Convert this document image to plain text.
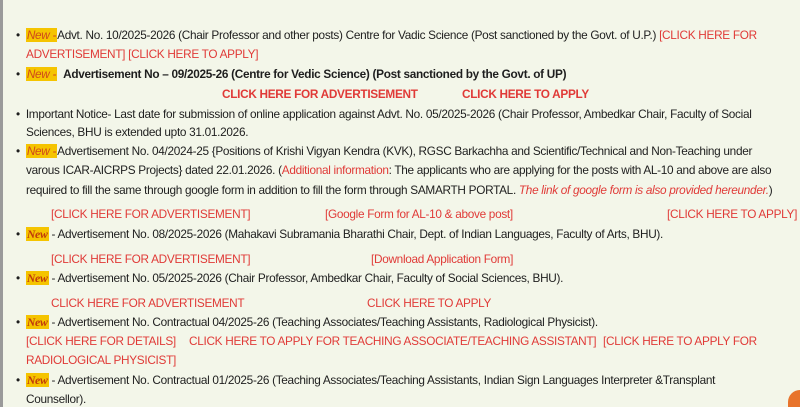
• New -Advt. No. 10/2025-2026 (Chair Professor and other posts) Centre for Vadic Science (Post sanctioned by the Govt. of U.P.) [CLICK HERE FOR
ADVERTISEMENT] [CLICK HERE TO APPLY]
• New - Advertisement No – 09/2025-26 (Centre for Vedic Science) (Post sanctioned by the Govt. of UP)
CLICK HERE FOR ADVERTISEMENT	CLICK HERE TO APPLY
• Important Notice- Last date for submission of online application against Advt. No. 05/2025-2026 (Chair Professor, Ambedkar Chair, Faculty of Social
Sciences, BHU is extended upto 31.01.2026.
• New -Advertisement No. 04/2024-25 {Positions of Krishi Vigyan Kendra (KVK), RGSC Barkachha and Scientific/Technical and Non-Teaching under
varous ICAR-AICRPS Projects} dated 22.01.2026. (Additional information: The applicants who are applying for the posts with AL-10 and above are also
required to fill the same through google form in addition to fill the form through SAMARTH PORTAL. The link of google form is also provided hereunder.)
[CLICK HERE FOR ADVERTISEMENT]	[Google Form for AL-10 & above post]	[CLICK HERE TO APPLY]
• New - Advertisement No. 08/2025-2026 (Mahakavi Subramania Bharathi Chair, Dept. of Indian Languages, Faculty of Arts, BHU).
[CLICK HERE FOR ADVERTISEMENT]	[Download Application Form]
• New - Advertisement No. 05/2025-2026 (Chair Professor, Ambedkar Chair, Faculty of Social Sciences, BHU).
CLICK HERE FOR ADVERTISEMENT	CLICK HERE TO APPLY
• New - Advertisement No. Contractual 04/2025-26 (Teaching Associates/Teaching Assistants, Radiological Physicist).
[CLICK HERE FOR DETAILS] CLICK HERE TO APPLY FOR TEACHING ASSOCIATE/TEACHING ASSISTANT] [CLICK HERE TO APPLY FOR
RADIOLOGICAL PHYSICIST]
• New - Advertisement No. Contractual 01/2025-26 (Teaching Associates/Teaching Assistants, Indian Sign Languages Interpreter &Transplant
Counsellor).
